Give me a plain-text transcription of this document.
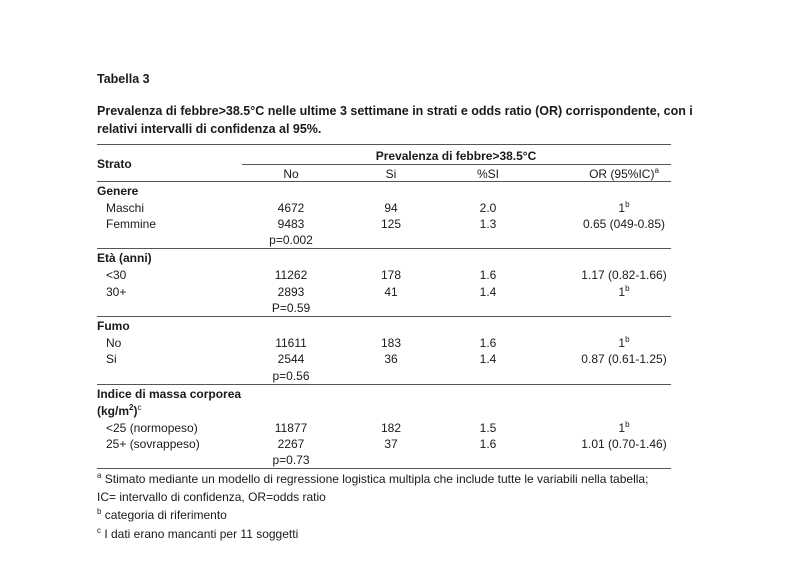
Tabella 3
Prevalenza di febbre>38.5°C nelle ultime 3 settimane in strati e odds ratio (OR) corrispondente, con i relativi intervalli di confidenza al 95%.
Strato
Prevalenza di febbre>38.5°C
No	Si	%SI	OR $(95\%IC)^a$
Genere
Maschi	4672	94	2.0	1$^b$
Femmine	9483	125	1.3	0.65 (049-0.85)
p=0.002
Età (anni)
<30	11262	178	1.6	1.17 (0.82-1.66)
30+	2893	41	1.4	1$^b$
P=0.59
Fumo
No	11611	183	1.6	1$^b$
Si	2544	36	1.4	0.87 (0.61-1.25)
p=0.56
Indice di massa corporea
$(kg/m^2)^c$
<25 (normopeso)	11877	182	1.5	1$^b$
25+ (sovrappeso)	2267	37	1.6	1.01 (0.70-1.46)
p=0.73
$^a$ Stimato mediante un modello di regressione logistica multipla che include tutte le variabili nella tabella;
IC= intervallo di confidenza, OR=odds ratio
$^b$ categoria di riferimento
$^c$ I dati erano mancanti per 11 soggetti
